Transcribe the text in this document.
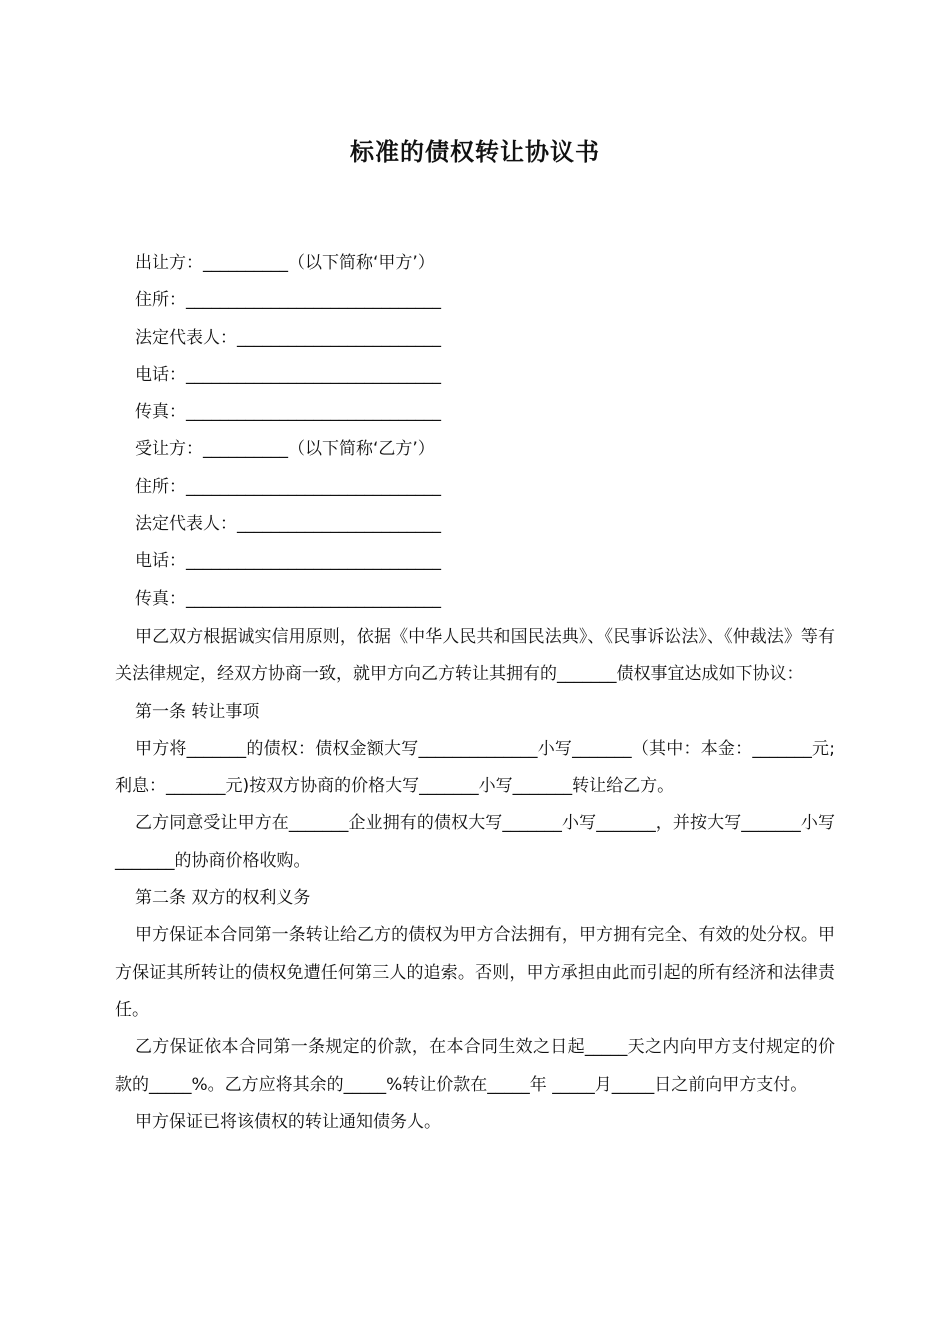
标准的债权转让协议书
出让方：__________（以下简称‘甲方’）
住所：______________________________
法定代表人：________________________
电话：______________________________
传真：______________________________
受让方：__________（以下简称‘乙方’）
住所：______________________________
法定代表人：________________________
电话：______________________________
传真：______________________________

甲乙双方根据诚实信用原则，依据《中华人民共和国民法典》、《民事诉讼法》、《仲裁法》等有关法律规定，经双方协商一致，就甲方向乙方转让其拥有的_______债权事宜达成如下协议：

第一条 转让事项

甲方将_______的债权：债权金额大写______________小写_______（其中：本金：_______元;利息：_______元)按双方协商的价格大写_______小写_______转让给乙方。

乙方同意受让甲方在_______企业拥有的债权大写_______小写_______，并按大写_______小写_______的协商价格收购。

第二条 双方的权利义务

甲方保证本合同第一条转让给乙方的债权为甲方合法拥有，甲方拥有完全、有效的处分权。甲方保证其所转让的债权免遭任何第三人的追索。否则，甲方承担由此而引起的所有经济和法律责任。

乙方保证依本合同第一条规定的价款，在本合同生效之日起_____天之内向甲方支付规定的价款的_____%。乙方应将其余的_____%转让价款在_____年 _____月_____日之前向甲方支付。

甲方保证已将该债权的转让通知债务人。
